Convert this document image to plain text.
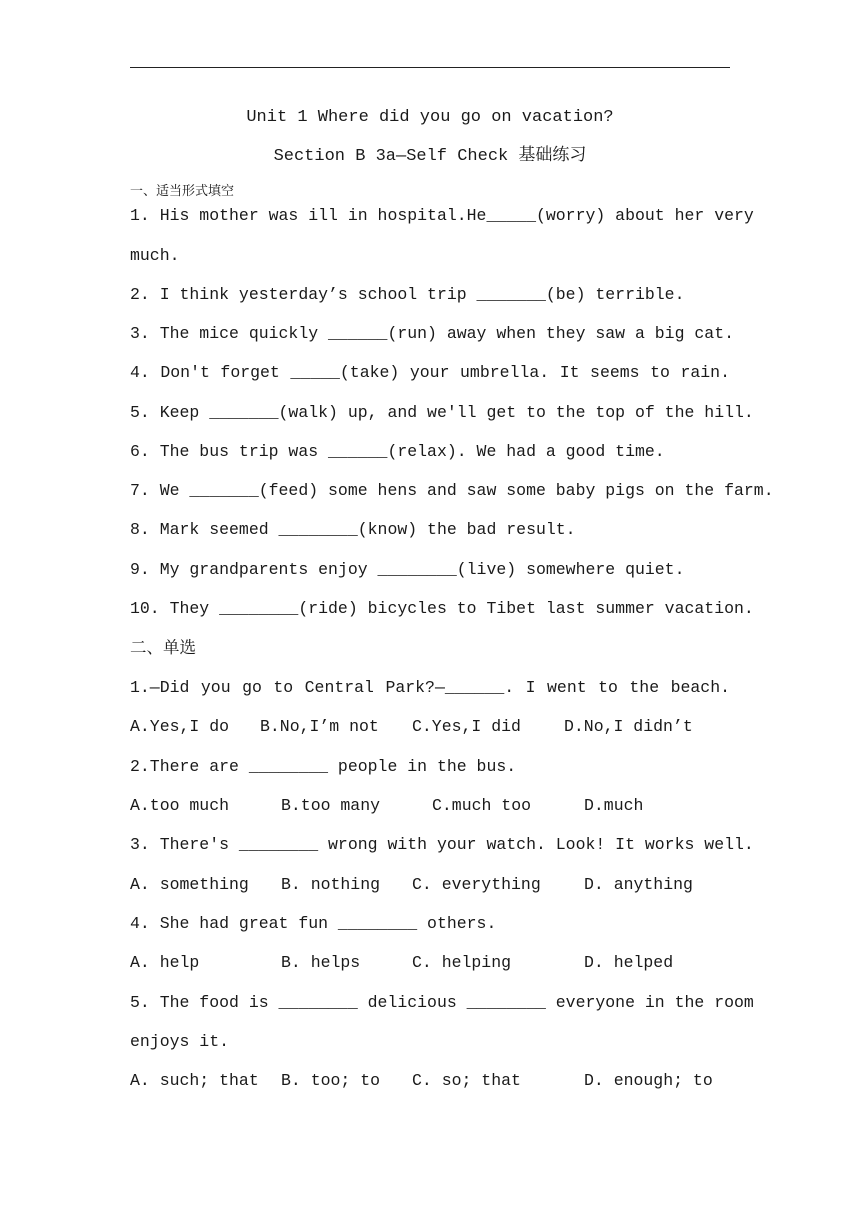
Unit 1 Where did you go on vacation?
Section B 3a—Self Check 基础练习
一、适当形式填空
1. His mother was ill in hospital.He_____(worry) about her very
much.
2. I think yesterday’s school trip _______(be) terrible.
3. The mice quickly ______(run) away when they saw a big cat.
4. Don't forget _____(take) your umbrella. It seems to rain.
5. Keep _______(walk) up, and we'll get to the top of the hill.
6. The bus trip was ______(relax). We had a good time.
7. We _______(feed) some hens and saw some baby pigs on the farm.
8. Mark seemed ________(know) the bad result.
9. My grandparents enjoy ________(live) somewhere quiet.
10. They ________(ride) bicycles to Tibet last summer vacation.
二、单选
1.—Did you go to Central Park?—______. I went to the beach.
A.Yes,I do B.No,I’m not C.Yes,I did	D.No,I didn’t
2.There are ________ people in the bus.
A.too much	B.too many	C.much too	D.much
3. There's ________ wrong with your watch. Look! It works well.
A. something B. nothing C. everything	D. anything
4. She had great fun ________ others.
A. help	B. helps	C. helping	D. helped
5. The food is ________ delicious ________ everyone in the room
enjoys it.
A. such; that B. too; to C. so; that	D. enough; to
